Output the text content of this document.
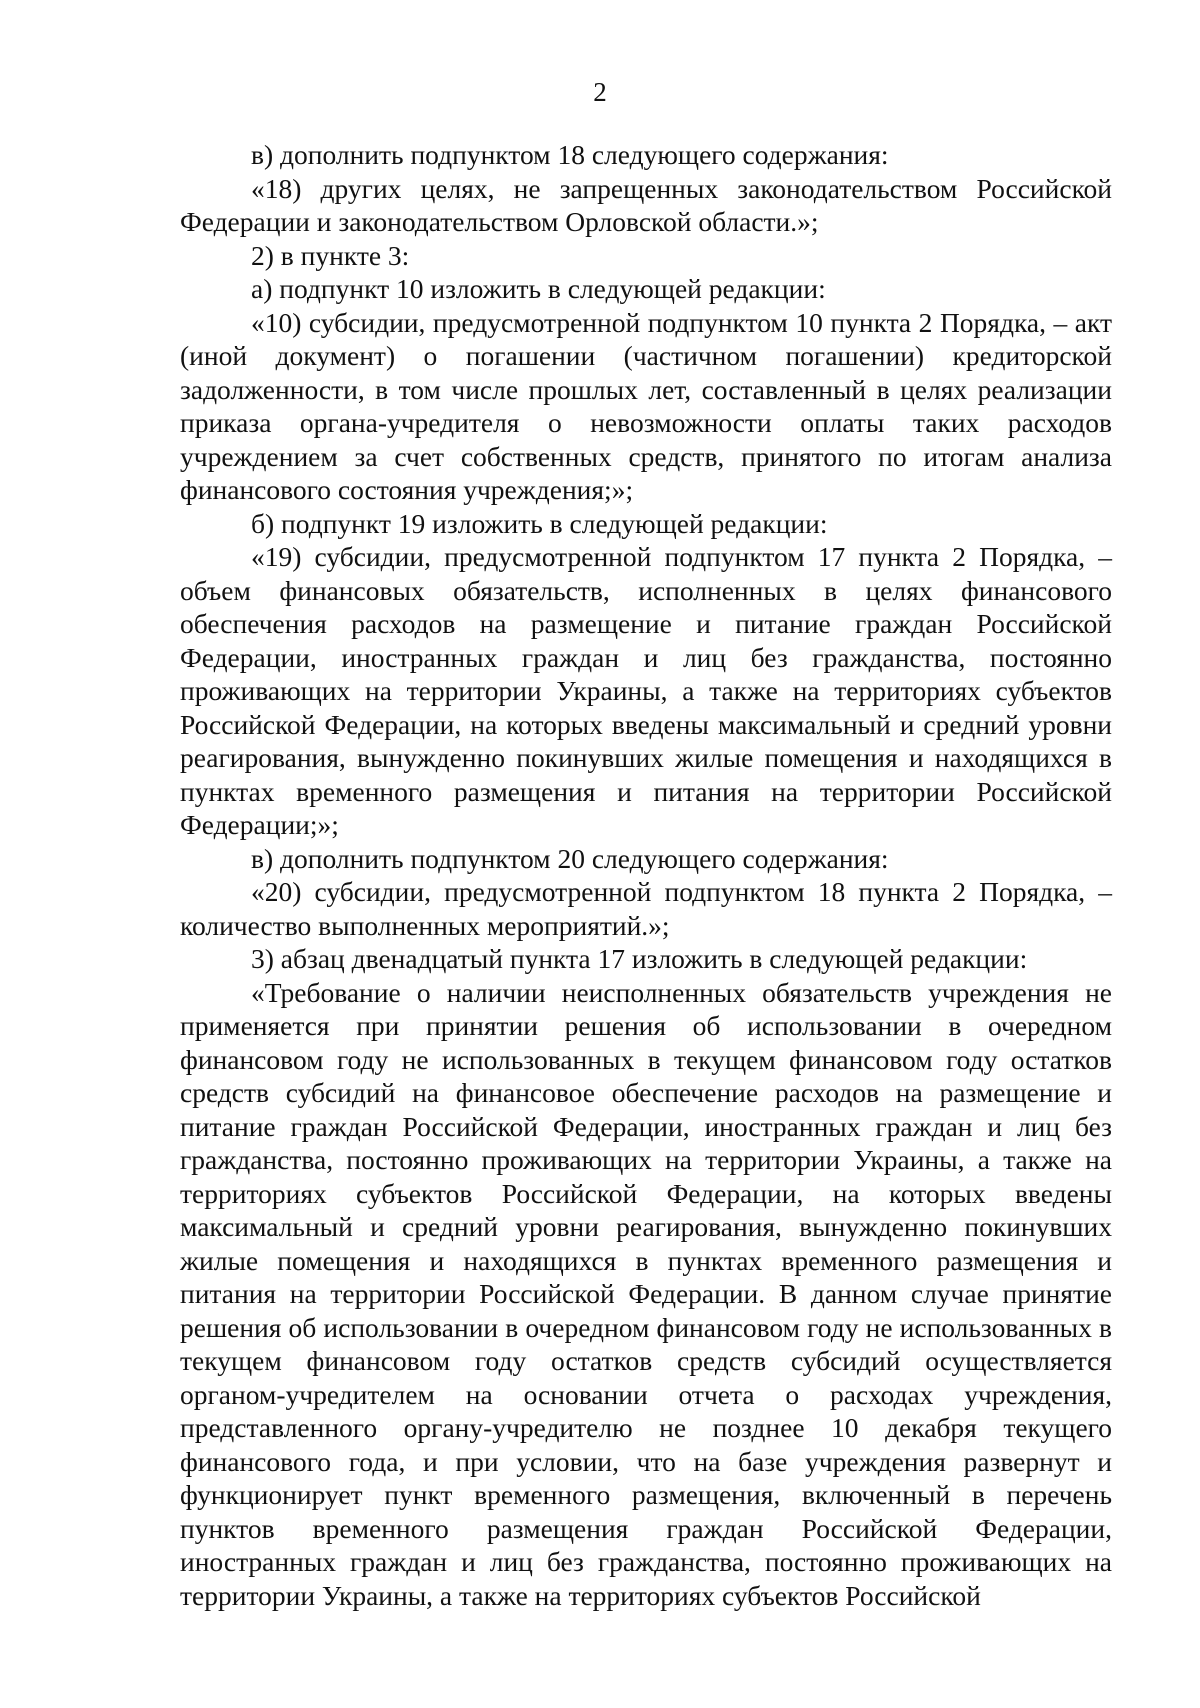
2

в) дополнить подпунктом 18 следующего содержания:

«18) других целях, не запрещенных законодательством Российской Федерации и законодательством Орловской области.»;

2) в пункте 3:

а) подпункт 10 изложить в следующей редакции:

«10) субсидии, предусмотренной подпунктом 10 пункта 2 Порядка, – акт (иной документ) о погашении (частичном погашении) кредиторской задолженности, в том числе прошлых лет, составленный в целях реализации приказа органа-учредителя о невозможности оплаты таких расходов учреждением за счет собственных средств, принятого по итогам анализа финансового состояния учреждения;»;

б) подпункт 19 изложить в следующей редакции:

«19) субсидии, предусмотренной подпунктом 17 пункта 2 Порядка, – объем финансовых обязательств, исполненных в целях финансового обеспечения расходов на размещение и питание граждан Российской Федерации, иностранных граждан и лиц без гражданства, постоянно проживающих на территории Украины, а также на территориях субъектов Российской Федерации, на которых введены максимальный и средний уровни реагирования, вынужденно покинувших жилые помещения и находящихся в пунктах временного размещения и питания на территории Российской Федерации;»;

в) дополнить подпунктом 20 следующего содержания:

«20) субсидии, предусмотренной подпунктом 18 пункта 2 Порядка, – количество выполненных мероприятий.»;

3) абзац двенадцатый пункта 17 изложить в следующей редакции:

«Требование о наличии неисполненных обязательств учреждения не применяется при принятии решения об использовании в очередном финансовом году не использованных в текущем финансовом году остатков средств субсидий на финансовое обеспечение расходов на размещение и питание граждан Российской Федерации, иностранных граждан и лиц без гражданства, постоянно проживающих на территории Украины, а также на территориях субъектов Российской Федерации, на которых введены максимальный и средний уровни реагирования, вынужденно покинувших жилые помещения и находящихся в пунктах временного размещения и питания на территории Российской Федерации. В данном случае принятие решения об использовании в очередном финансовом году не использованных в текущем финансовом году остатков средств субсидий осуществляется органом-учредителем на основании отчета о расходах учреждения, представленного органу-учредителю не позднее 10 декабря текущего финансового года, и при условии, что на базе учреждения развернут и функционирует пункт временного размещения, включенный в перечень пунктов временного размещения граждан Российской Федерации, иностранных граждан и лиц без гражданства, постоянно проживающих на территории Украины, а также на территориях субъектов Российской
